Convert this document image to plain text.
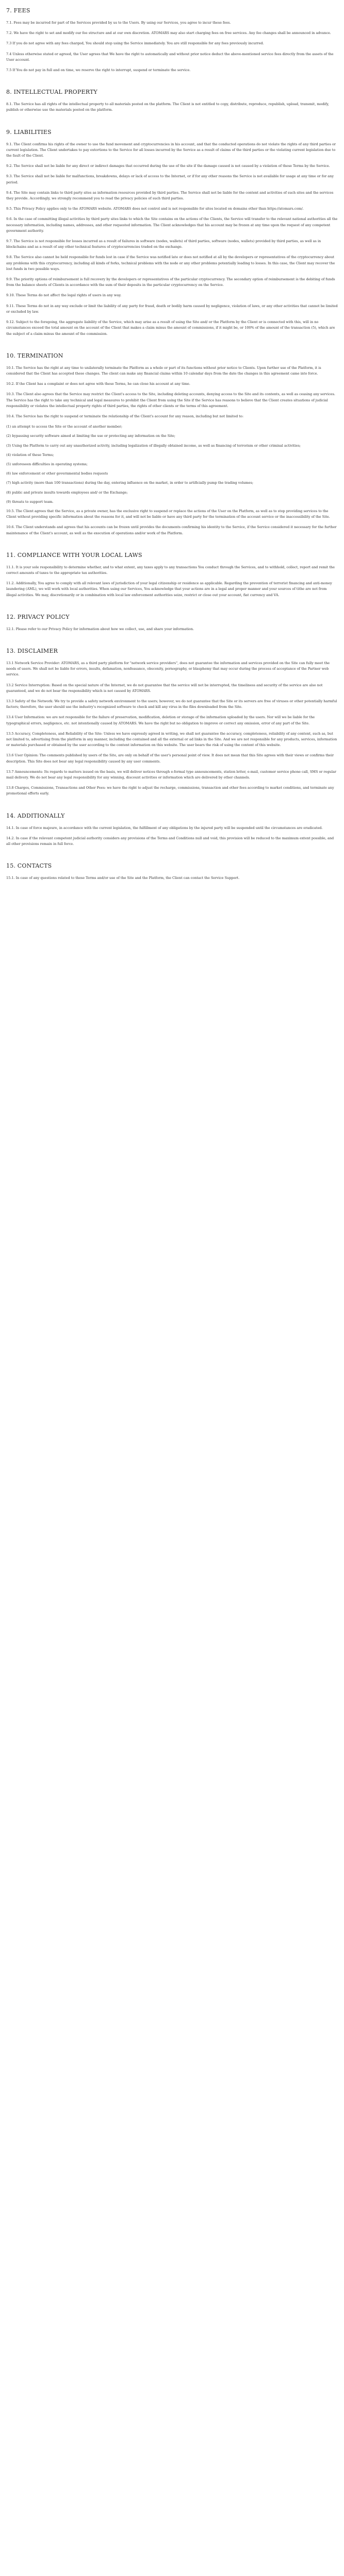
7. FEES

7.1. Fees may be incurred for part of the Services provided by us to the Users. By using our Services, you agree to incur these fees.

7.2. We have the right to set and modify our fee structure and at our own discretion. ATOMARS may also start charging fees on free services. Any fee changes shall be announced in advance.

7.3 If you do not agree with any fees charged, You should stop using the Service immediately. You are still responsible for any fees previously incurred.

7.4 Unless otherwise stated or agreed, the User agrees that We have the right to automatically and without prior notice deduct the above-mentioned service fees directly from the assets of the User account.

7.5 If You do not pay in full and on time, we reserve the right to interrupt, suspend or terminate the service.

8. INTELLECTUAL PROPERTY

8.1. The Service has all rights of the intellectual property to all materials posted on the platform. The Client is not entitled to copy, distribute, reproduce, republish, upload, transmit, modify, publish or otherwise use the materials posted on the platform.

9. LIABILITIES

9.1. The Client confirms his rights of the owner to use the fund movement and cryptocurrencies in his account, and that the conducted operations do not violate the rights of any third parties or current legislation. The Client undertakes to pay extortions to the Service for all losses incurred by the Service as a result of claims of the third parties or the violating current legislation due to the fault of the Client.

9.2. The Service shall not be liable for any direct or indirect damages that occurred during the use of the site if the damage caused is not caused by a violation of these Terms by the Service.

9.3. The Service shall not be liable for malfunctions, breakdowns, delays or lack of access to the Internet, or if for any other reasons the Service is not available for usage at any time or for any period.

9.4. The Site may contain links to third party sites as information resources provided by third parties. The Service shall not be liable for the content and activities of such sites and the services they provide. Accordingly, we strongly recommend you to read the privacy policies of such third parties.

9.5. This Privacy Policy applies only to the ATOMARS website. ATOMARS does not control and is not responsible for sites located on domains other than https://atomars.com/.

9.6. In the case of committing illegal activities by third party sites links to which the Site contains on the actions of the Clients, the Service will transfer to the relevant national authorities all the necessary information, including names, addresses, and other requested information. The Client acknowledges that his account may be frozen at any time upon the request of any competent government authority.

9.7. The Service is not responsible for losses incurred as a result of failures in software (nodes, wallets) of third parties, software (nodes, wallets) provided by third parties, as well as in blockchains and as a result of any other technical features of cryptocurrencies traded on the exchange.

9.8. The Service also cannot be held responsible for funds lost in case if the Service was notified late or does not notified at all by the developers or representatives of the cryptocurrency about any problems with this cryptocurrency, including all kinds of forks, technical problems with the node or any other problems potentially leading to losses. In this case, the Client may recover the lost funds in two possible ways.

9.9. The priority options of reimbursement is full recovery by the developers or representatives of the particular cryptocurrency. The secondary option of reimbursement is the debiting of funds from the balance sheets of Clients in accordance with the sum of their deposits in the particular cryptocurrency on the Service.

9.10. These Terms do not affect the legal rights of users in any way.

9.11. These Terms do not in any way exclude or limit the liability of any party for fraud, death or bodily harm caused by negligence, violation of laws, or any other activities that cannot be limited or excluded by law.

9.12. Subject to the foregoing, the aggregate liability of the Service, which may arise as a result of using the Site and/ or the Platform by the Client or is connected with this, will in no circumstances exceed the total amount on the account of the Client that makes a claim minus the amount of commissions, if it might be, or 100% of the amount of the transaction (5), which are the subject of a claim minus the amount of the commission.

10. TERMINATION

10.1. The Service has the right at any time to unilaterally terminate the Platform as a whole or part of its functions without prior notice to Clients. Upon further use of the Platform, it is considered that the Client has accepted these changes. The client can make any financial claims within 10 calendar days from the date the changes in this agreement came into force.

10.2. If the Client has a complaint or does not agree with these Terms, he can close his account at any time.

10.3. The Client also agrees that the Service may restrict the Client's access to the Site, including deleting accounts, denying access to the Site and its contents, as well as ceasing any services. The Service has the right to take any technical and legal measures to prohibit the Client from using the Site if the Service has reasons to believe that the Client creates situations of judicial responsibility or violates the intellectual property rights of third parties, the rights of other clients or the terms of this agreement.

10.4. The Service has the right to suspend or terminate the relationship of the Client's account for any reason, including but not limited to:

(1) an attempt to access the Site or the account of another member;

(2) bypassing security software aimed at limiting the use or protecting any information on the Site;

(3) Using the Platform to carry out any unauthorized activity, including legalization of illegally obtained income, as well as financing of terrorism or other criminal activities;

(4) violation of these Terms;

(5) unforeseen difficulties in operating systems;

(6) law enforcement or other governmental bodies requests

(7) high activity (more than 100 transactions) during the day, entering influence on the market, in order to artificially pump the trading volumes;

(8) public and private insults towards employees and/ or the Exchange;

(9) threats to support team.

10.5. The Client agrees that the Service, as a private owner, has the exclusive right to suspend or replace the actions of the User on the Platform, as well as to stop providing services to the Client without providing specific information about the reasons for it, and will not be liable or have any third party for the termination of the account service or the inaccessibility of the Site.

10.6. The Client understands and agrees that his accounts can be frozen until provides the documents confirming his identity to the Service, if the Service considered it necessary for the further maintenance of the Client's account, as well as the execution of operations and/or work of the Platform.

11. COMPLIANCE WITH YOUR LOCAL LAWS

11.1. It is your sole responsibility to determine whether, and to what extent, any taxes apply to any transactions You conduct through the Services, and to withhold, collect, report and remit the correct amounts of taxes to the appropriate tax authorities.

11.2. Additionally, You agree to comply with all relevant laws of jurisdiction of your legal citizenship or residence as applicable. Regarding the prevention of terrorist financing and anti-money laundering (AML), we will work with local authorities. When using our Services, You acknowledge that your actions are in a legal and proper manner and your sources of tithe are not from illegal activities. We may, discretionarily or in combination with local law enforcement authorities seize, restrict or close out your account, fiat currency and VA.

12. PRIVACY POLICY

12.1. Please refer to our Privacy Policy for information about how we collect, use, and share your information.

13. DISCLAIMER

13.1 Network Service Provider: ATOMARS, as a third party platform for "network service providers", does not guarantee the information and services provided on the Site can fully meet the needs of users. We shall not be liable for errors, insults, defamation, nonfeasance, obscenity, pornography, or blasphemy that may occur during the process of acceptance of the Partner web service.

13.2 Service Interruption: Based on the special nature of the Internet, we do not guarantee that the service will not be interrupted, the timeliness and security of the service are also not guaranteed, and we do not bear the responsibility which is not caused by ATOMARS.

13.3 Safety of the Network: We try to provide a safety network environment to the users; however, we do not guarantee that the Site or its servers are free of viruses or other potentially harmful factors; therefore, the user should use the industry's recognized software to check and kill any virus in the files downloaded from the Site.

13.4 User Information: we are not responsible for the failure of preservation, modification, deletion or storage of the information uploaded by the users. Nor will we be liable for the typographical errors, negligence, etc. not intentionally caused by ATOMARS. We have the right but no obligation to improve or correct any omission, error of any part of the Site.

13.5 Accuracy, Completeness, and Reliability of the Site: Unless we have expressly agreed in writing, we shall not guarantee the accuracy, completeness, reliability of any content, such as, but not limited to, advertising from the platform in any manner, including the contained and all the external or ad links in the Site. And we are not responsible for any products, services, information or materials purchased or obtained by the user according to the content information on this website. The user bears the risk of using the content of this website.

13.6 User Opinion: The comments published by users of the Site, are only on behalf of the user's personal point of view. It does not mean that this Site agrees with their views or confirms their description. This Site does not bear any legal responsibility caused by any user comments.

13.7 Announcements: Its regards to matters issued on the basis, we will deliver notices through e-formal type announcements, station letter, e-mail, customer service phone call, SMS or regular mail delivery. We do not bear any legal responsibility for any winning, discount activities or information which are delivered by other channels.

13.8 Charges, Commissions, Transactions and Other Fees: we have the right to adjust the recharge, commissions, transaction and other fees according to market conditions, and terminate any promotional efforts early.

14. ADDITIONALLY

14.1. In case of force majeure, in accordance with the current legislation, the fulfillment of any obligations by the injured party will be suspended until the circumstances are eradicated.

14.2. In case if the relevant competent judicial authority considers any provisions of the Terms and Conditions null and void, this provision will be reduced to the maximum extent possible, and all other provisions remain in full force.

15. CONTACTS

15.1. In case of any questions related to these Terms and/or use of the Site and the Platform, the Client can contact the Service Support.
